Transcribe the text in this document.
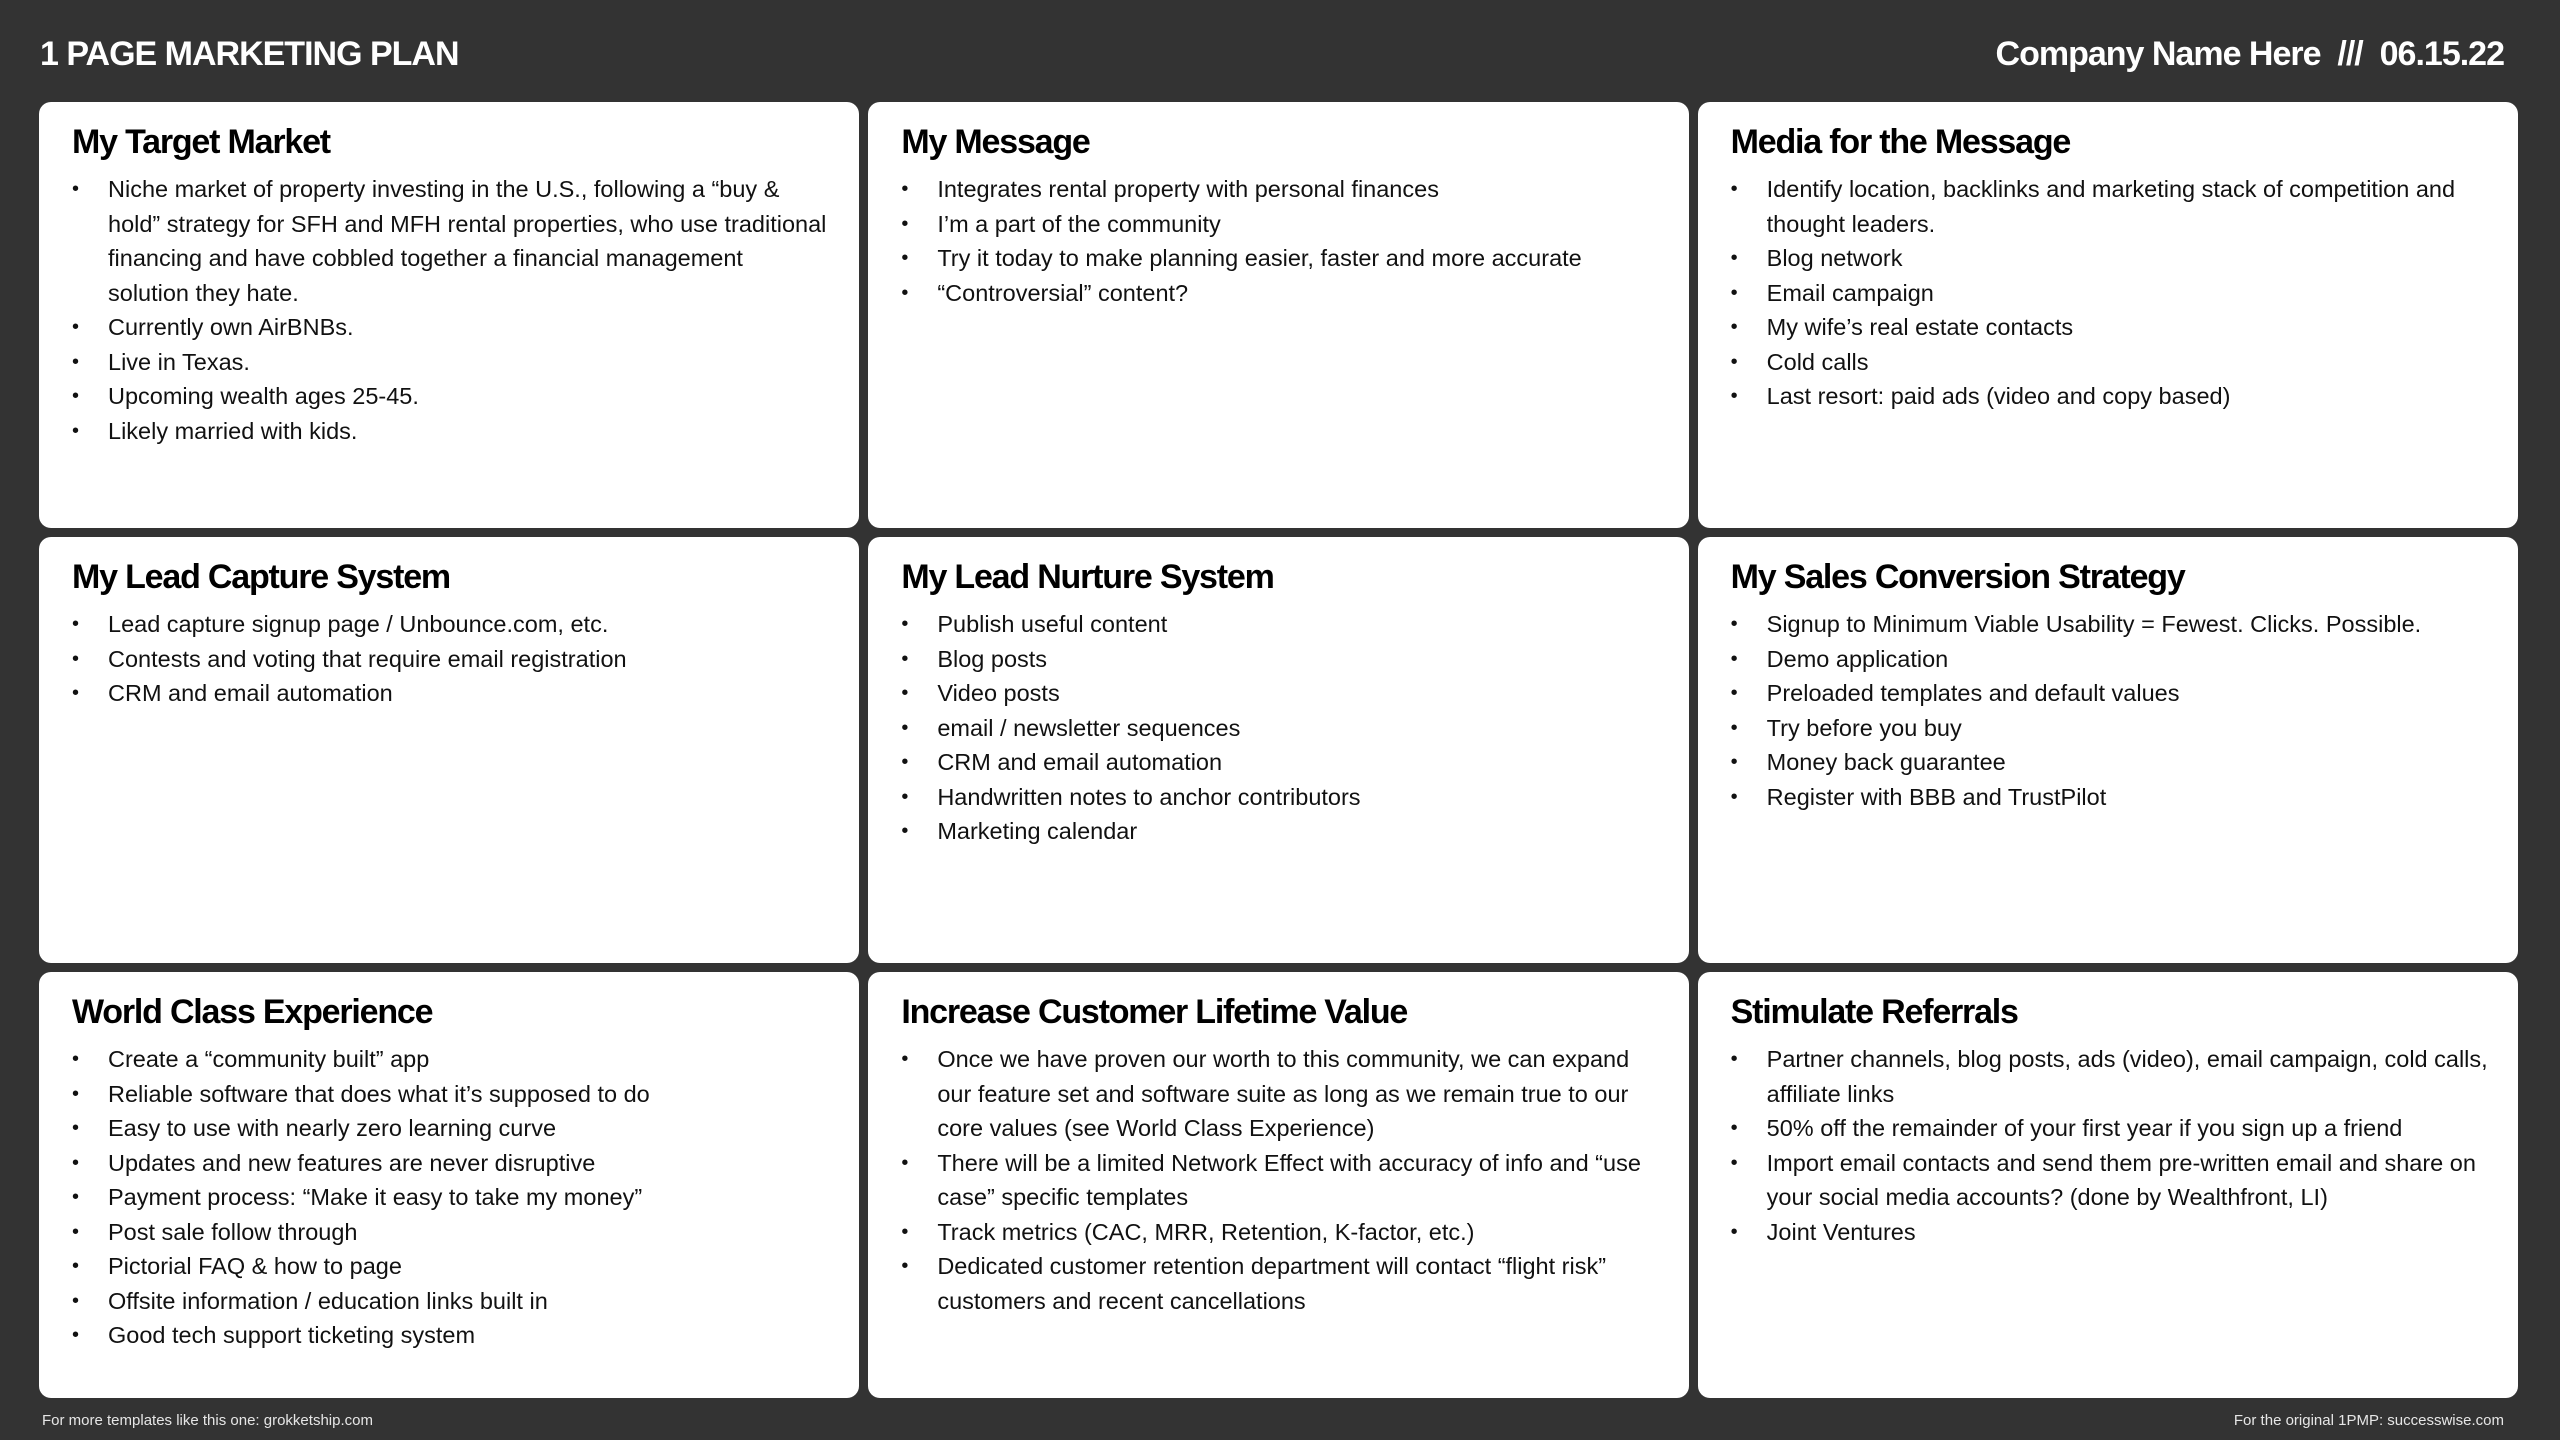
1 PAGE MARKETING PLAN	Company Name Here  ///  06.15.22
My Target Market
• Niche market of property investing in the U.S., following a “buy & hold” strategy for SFH and MFH rental properties, who use traditional financing and have cobbled together a financial management solution they hate.
• Currently own AirBNBs.
• Live in Texas.
• Upcoming wealth ages 25-45.
• Likely married with kids.
My Message
• Integrates rental property with personal finances
• I’m a part of the community
• Try it today to make planning easier, faster and more accurate
• “Controversial” content?
Media for the Message
• Identify location, backlinks and marketing stack of competition and thought leaders.
• Blog network
• Email campaign
• My wife’s real estate contacts
• Cold calls
• Last resort: paid ads (video and copy based)
My Lead Capture System
• Lead capture signup page / Unbounce.com, etc.
• Contests and voting that require email registration
• CRM and email automation
My Lead Nurture System
• Publish useful content
• Blog posts
• Video posts
• email / newsletter sequences
• CRM and email automation
• Handwritten notes to anchor contributors
• Marketing calendar
My Sales Conversion Strategy
• Signup to Minimum Viable Usability = Fewest. Clicks. Possible.
• Demo application
• Preloaded templates and default values
• Try before you buy
• Money back guarantee
• Register with BBB and TrustPilot
World Class Experience
• Create a “community built” app
• Reliable software that does what it’s supposed to do
• Easy to use with nearly zero learning curve
• Updates and new features are never disruptive
• Payment process: “Make it easy to take my money”
• Post sale follow through
• Pictorial FAQ & how to page
• Offsite information / education links built in
• Good tech support ticketing system
Increase Customer Lifetime Value
• Once we have proven our worth to this community, we can expand our feature set and software suite as long as we remain true to our core values (see World Class Experience)
• There will be a limited Network Effect with accuracy of info and “use case” specific templates
• Track metrics (CAC, MRR, Retention, K-factor, etc.)
• Dedicated customer retention department will contact “flight risk” customers and recent cancellations
Stimulate Referrals
• Partner channels, blog posts, ads (video), email campaign, cold calls, affiliate links
• 50% off the remainder of your first year if you sign up a friend
• Import email contacts and send them pre-written email and share on your social media accounts? (done by Wealthfront, LI)
• Joint Ventures
For more templates like this one: grokketship.com	For the original 1PMP: successwise.com
